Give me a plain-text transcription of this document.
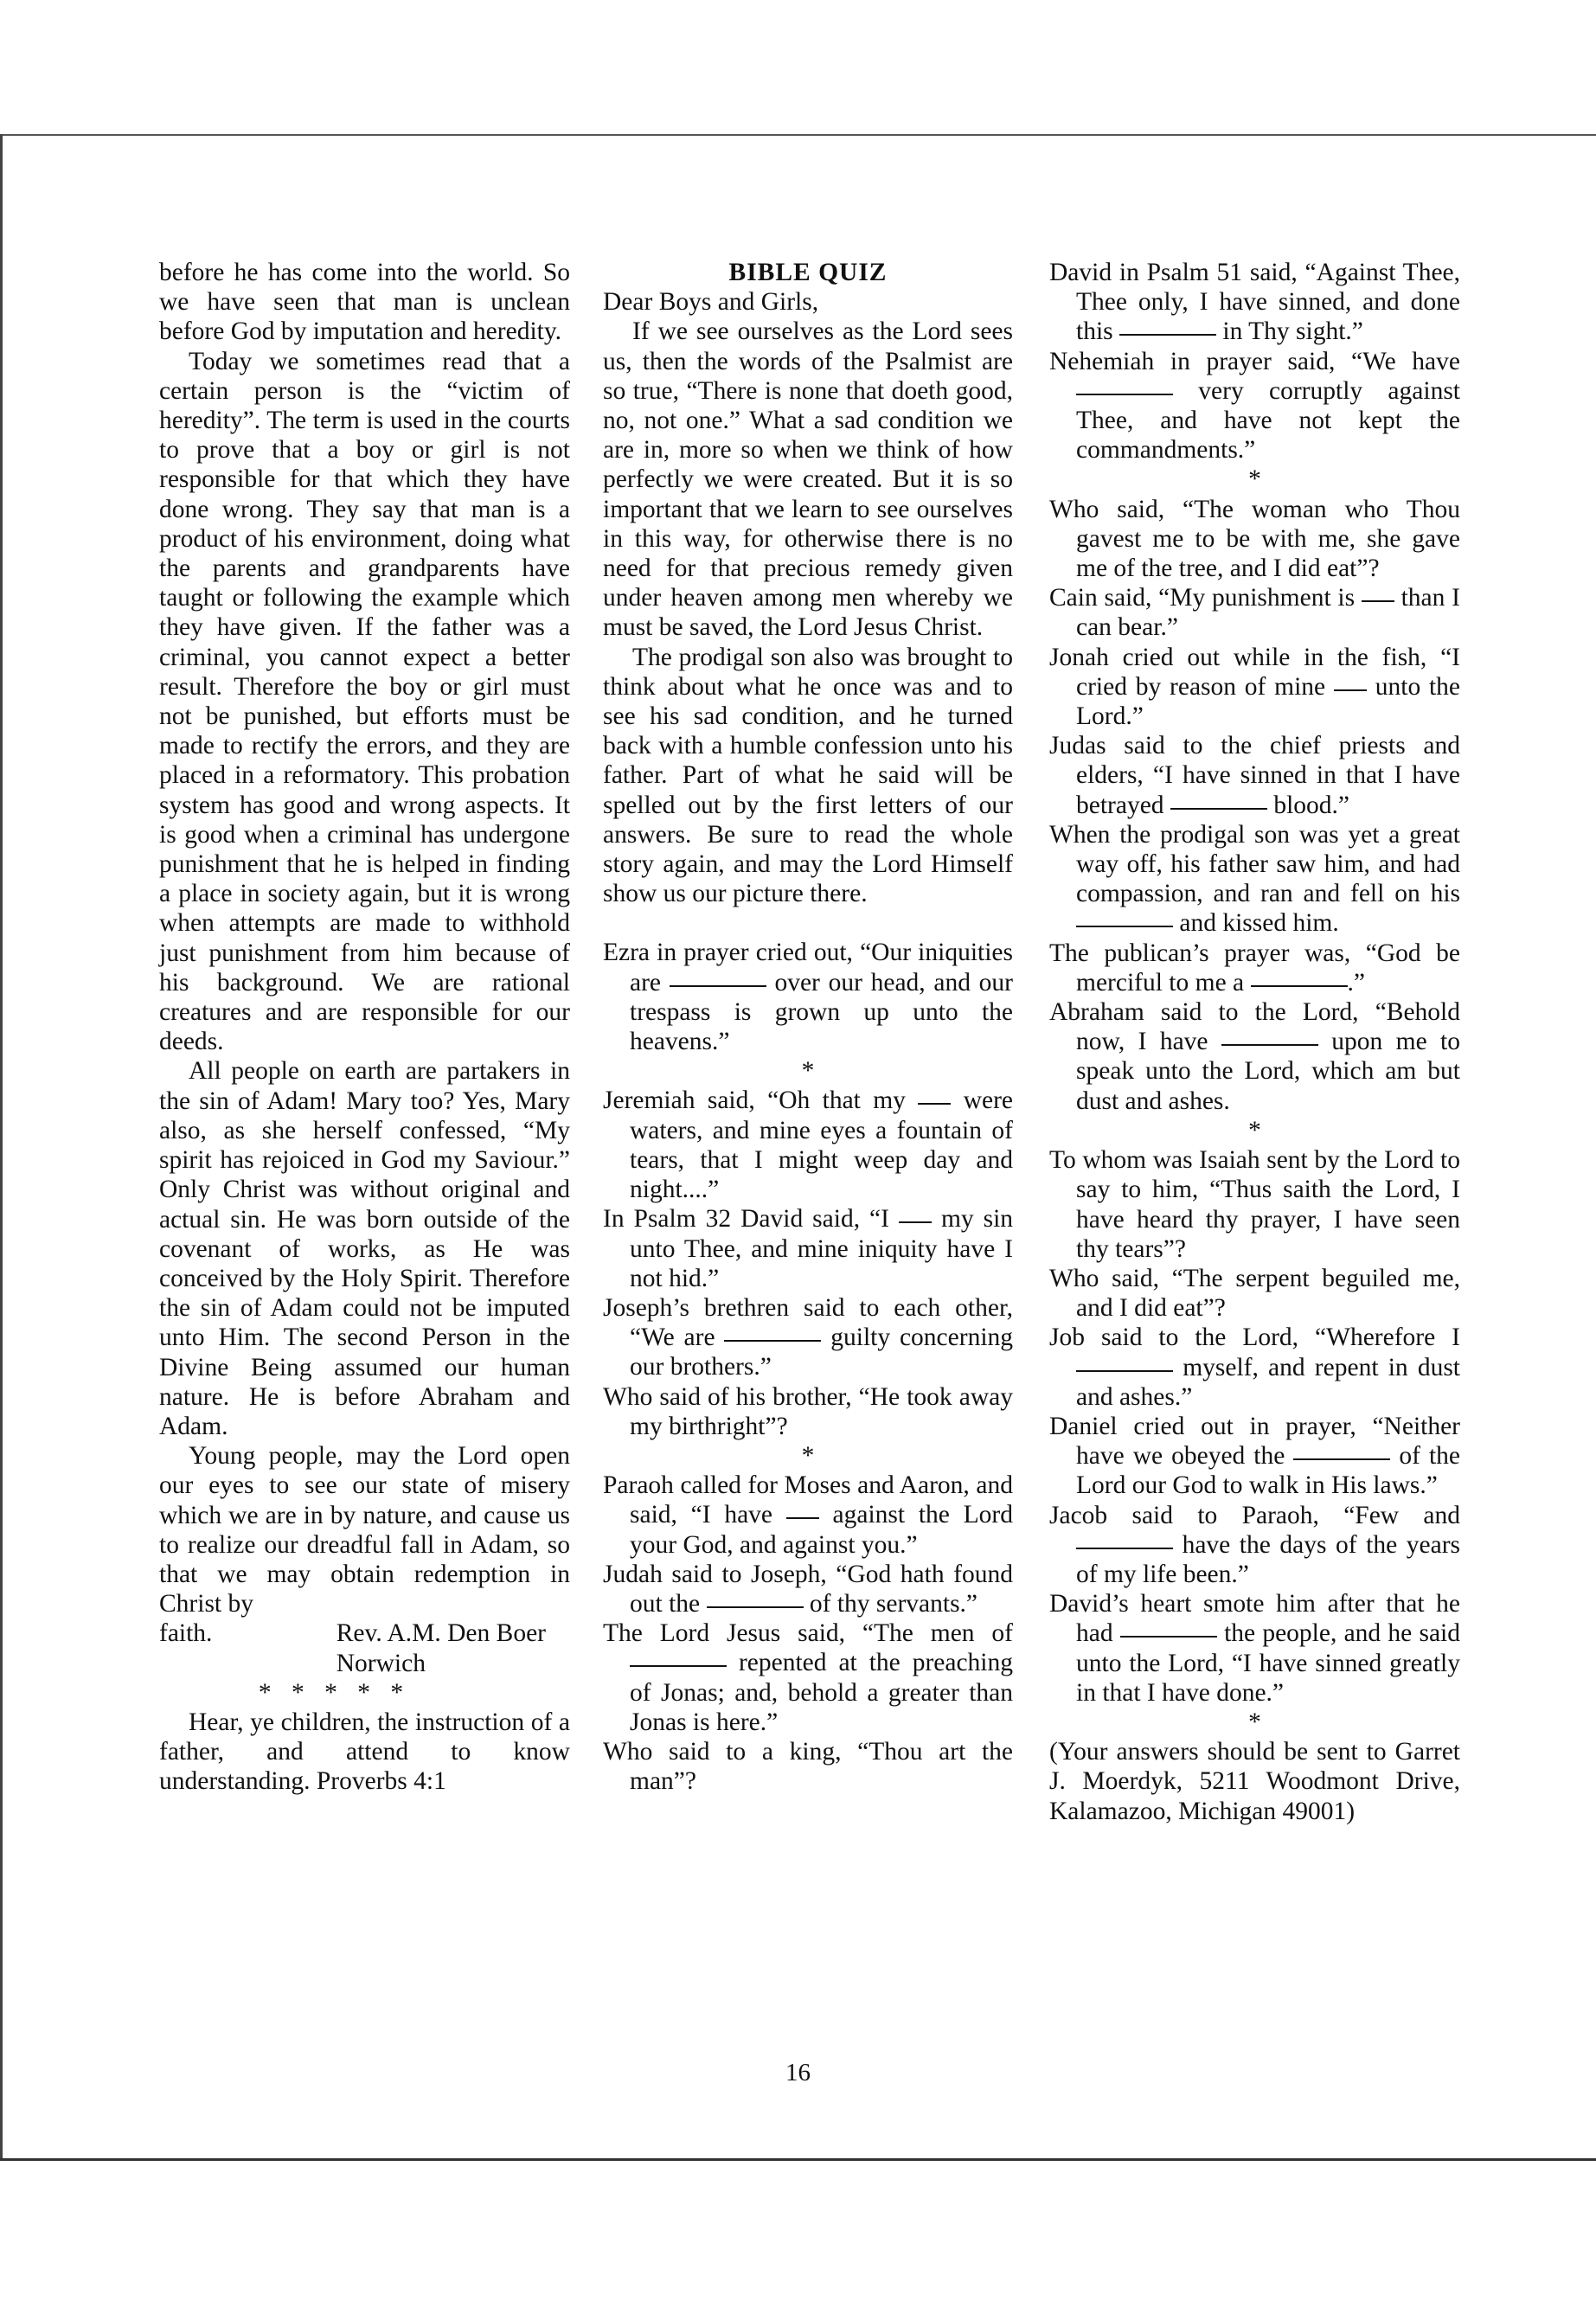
before he has come into the world. So we have seen that man is unclean before God by imputation and heredity.

Today we sometimes read that a certain person is the “victim of heredity”. The term is used in the courts to prove that a boy or girl is not responsible for that which they have done wrong. They say that man is a product of his environment, doing what the parents and grandparents have taught or following the example which they have given. If the father was a criminal, you cannot expect a better result. Therefore the boy or girl must not be punished, but efforts must be made to rectify the errors, and they are placed in a reformatory. This probation system has good and wrong aspects. It is good when a criminal has undergone punishment that he is helped in finding a place in society again, but it is wrong when attempts are made to withhold just punishment from him because of his background. We are rational creatures and are responsible for our deeds.

All people on earth are partakers in the sin of Adam! Mary too? Yes, Mary also, as she herself confessed, “My spirit has rejoiced in God my Saviour.” Only Christ was without original and actual sin. He was born outside of the covenant of works, as He was conceived by the Holy Spirit. Therefore the sin of Adam could not be imputed unto Him. The second Person in the Divine Being assumed our human nature. He is before Abraham and Adam.

Young people, may the Lord open our eyes to see our state of misery which we are in by nature, and cause us to realize our dreadful fall in Adam, so that we may obtain redemption in Christ by

faith.	Rev. A.M. Den Boer
Norwich

* * * * *

Hear, ye children, the instruction of a father, and attend to know understanding. Proverbs 4:1

BIBLE QUIZ

Dear Boys and Girls,

If we see ourselves as the Lord sees us, then the words of the Psalmist are so true, “There is none that doeth good, no, not one.” What a sad condition we are in, more so when we think of how perfectly we were created. But it is so important that we learn to see ourselves in this way, for otherwise there is no need for that precious remedy given under heaven among men whereby we must be saved, the Lord Jesus Christ.

The prodigal son also was brought to think about what he once was and to see his sad condition, and he turned back with a humble confession unto his father. Part of what he said will be spelled out by the first letters of our answers. Be sure to read the whole story again, and may the Lord Himself show us our picture there.

Ezra in prayer cried out, “Our iniquities are	over our head, and our trespass is grown up unto the heavens.”

*

Jeremiah said, “Oh that my were waters, and mine eyes a fountain of tears, that I might weep day and night....”

In Psalm 32 David said, “I my sin unto Thee, and mine iniquity have I not hid.”

Joseph’s brethren said to each other, “We are	guilty concerning our brothers.”

Who said of his brother, “He took away my birthright”?

*

Paraoh called for Moses and Aaron, and said, “I have against the Lord your God, and against you.”

Judah said to Joseph, “God hath found out the	of thy servants.”

The Lord Jesus said, “The men of  repented at the preaching of Jonas; and, behold a greater than Jonas is here.”

Who said to a king, “Thou art the man”?

David in Psalm 51 said, “Against Thee, Thee only, I have sinned, and done this	in Thy sight.”

Nehemiah in prayer said, “We have  very corruptly against Thee, and have not kept the commandments.”

*

Who said, “The woman who Thou gavest me to be with me, she gave me of the tree, and I did eat”?

Cain said, “My punishment is than I can bear.”

Jonah cried out while in the fish, “I cried by reason of mine unto the Lord.”

Judas said to the chief priests and elders, “I have sinned in that I have betrayed	blood.”

When the prodigal son was yet a great way off, his father saw him, and had compassion, and ran and fell on his  and kissed him.

The publican’s prayer was, “God be merciful to me a	.”

Abraham said to the Lord, “Behold now, I have	upon me to speak unto the Lord, which am but dust and ashes.

*

To whom was Isaiah sent by the Lord to say to him, “Thus saith the Lord, I have heard thy prayer, I have seen thy tears”?

Who said, “The serpent beguiled me, and I did eat”?

Job said to the Lord, “Wherefore I  myself, and repent in dust and ashes.”

Daniel cried out in prayer, “Neither have we obeyed the	of the Lord our God to walk in His laws.”

Jacob said to Paraoh, “Few and  have the days of the years of my life been.”

David’s heart smote him after that he had	the people, and he said unto the Lord, “I have sinned greatly in that I have done.”

*

(Your answers should be sent to Garret J. Moerdyk, 5211 Woodmont Drive, Kalamazoo, Michigan 49001)

16
